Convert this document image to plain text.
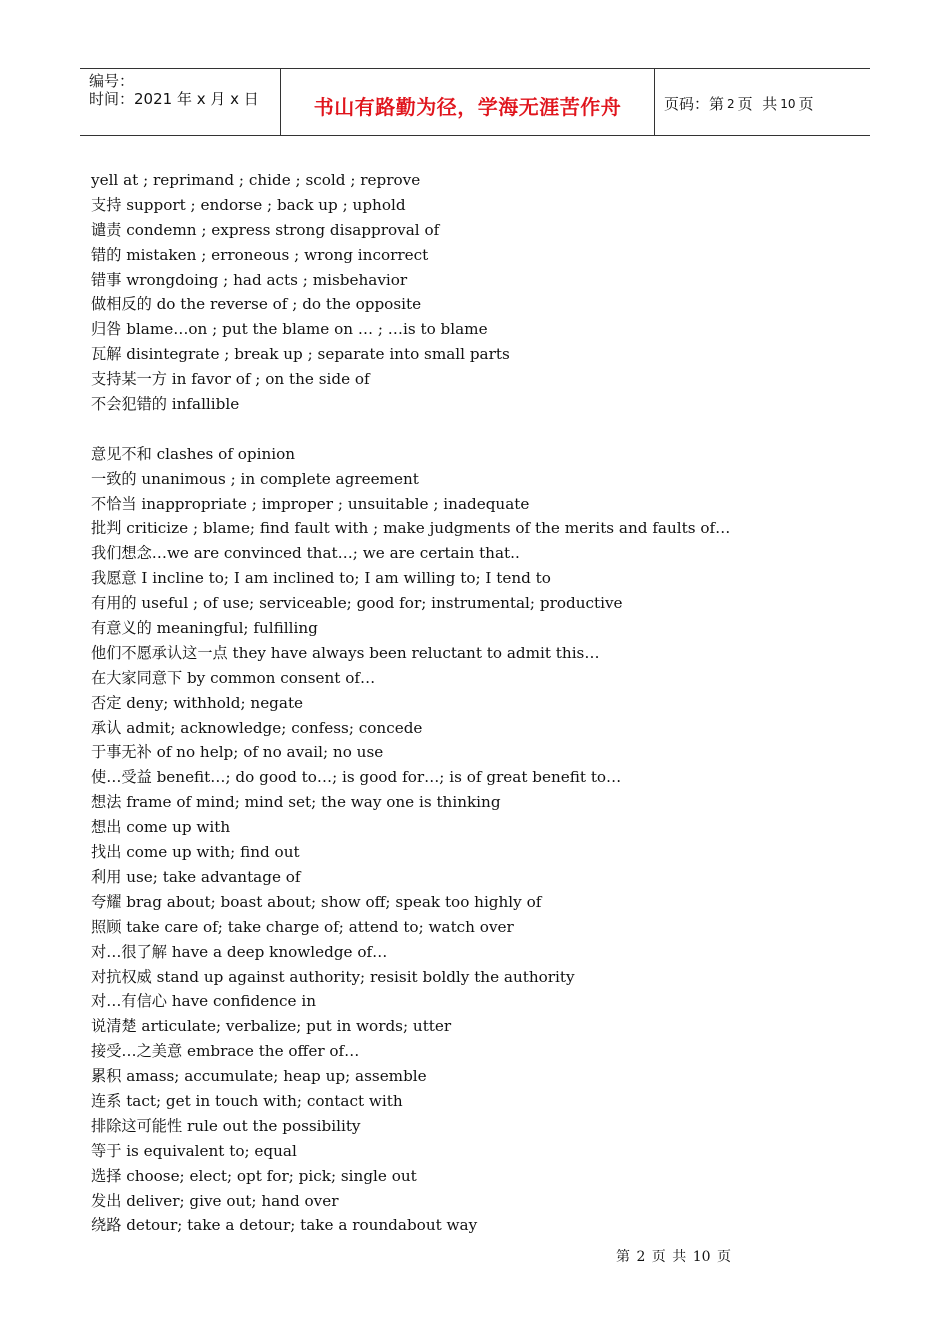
编号：
时间：2021 年 x 月 x 日	书山有路勤为径，学海无涯苦作舟	页码：第 2 页  共 10 页
yell at ; reprimand ; chide ; scold ; reprove
支持 support ; endorse ; back up ; uphold
谴责 condemn ; express strong disapproval of
错的 mistaken ; erroneous ; wrong incorrect
错事 wrongdoing ; had acts ; misbehavior
做相反的 do the reverse of ; do the opposite
归咎 blame…on ; put the blame on … ; …is to blame
瓦解 disintegrate ; break up ; separate into small parts
支持某一方 in favor of ; on the side of
不会犯错的 infallible
意见不和 clashes of opinion
一致的 unanimous ; in complete agreement
不恰当 inappropriate ; improper ; unsuitable ; inadequate
批判 criticize ; blame; find fault with ; make judgments of the merits and faults of…
我们想念…we are convinced that…; we are certain that..
我愿意 I incline to; I am inclined to; I am willing to; I tend to
有用的 useful ; of use; serviceable; good for; instrumental; productive
有意义的 meaningful; fulfilling
他们不愿承认这一点 they have always been reluctant to admit this…
在大家同意下 by common consent of…
否定 deny; withhold; negate
承认 admit; acknowledge; confess; concede
于事无补 of no help; of no avail; no use
使…受益 benefit…; do good to…; is good for…; is of great benefit to…
想法 frame of mind; mind set; the way one is thinking
想出 come up with
找出 come up with; find out
利用 use; take advantage of
夸耀 brag about; boast about; show off; speak too highly of
照顾 take care of; take charge of; attend to; watch over
对…很了解 have a deep knowledge of…
对抗权威 stand up against authority; resisit boldly the authority
对…有信心 have confidence in
说清楚 articulate; verbalize; put in words; utter
接受…之美意 embrace the offer of…
累积 amass; accumulate; heap up; assemble
连系 tact; get in touch with; contact with
排除这可能性 rule out the possibility
等于 is equivalent to; equal
选择 choose; elect; opt for; pick; single out
发出 deliver; give out; hand over
绕路 detour; take a detour; take a roundabout way
第 2 页 共 10 页
